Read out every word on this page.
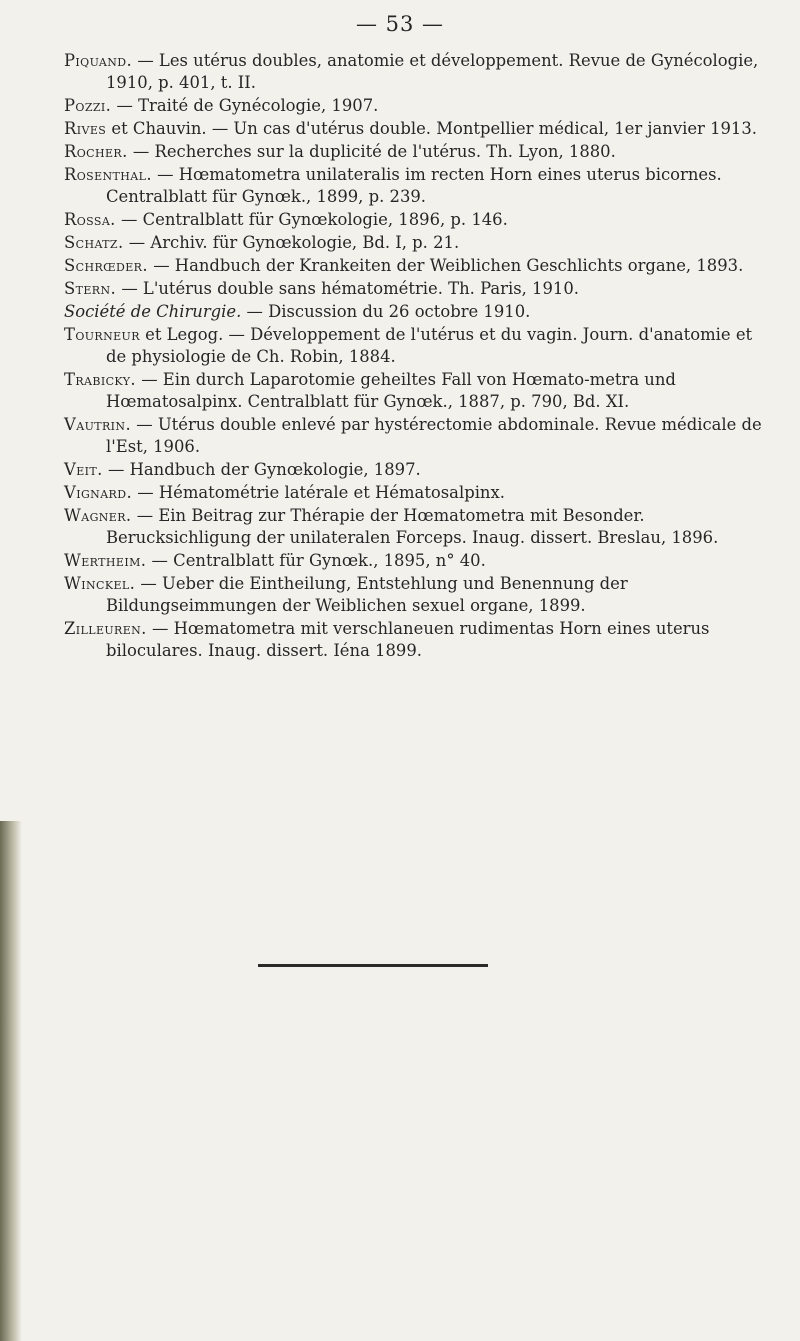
— 53 —

Piquand. — Les utérus doubles, anatomie et développement. Revue de Gynécologie, 1910, p. 401, t. II.

Pozzi. — Traité de Gynécologie, 1907.

Rives et Chauvin. — Un cas d'utérus double. Montpellier médical, 1er janvier 1913.

Rocher. — Recherches sur la duplicité de l'utérus. Th. Lyon, 1880.

Rosenthal. — Hœmatometra unilateralis im recten Horn eines uterus bicornes. Centralblatt für Gynœk., 1899, p. 239.

Rossa. — Centralblatt für Gynœkologie, 1896, p. 146.

Schatz. — Archiv. für Gynœkologie, Bd. I, p. 21.

Schrœder. — Handbuch der Krankeiten der Weiblichen Geschlichts organe, 1893.

Stern. — L'utérus double sans hématométrie. Th. Paris, 1910.

Société de Chirurgie. — Discussion du 26 octobre 1910.

Tourneur et Legog. — Développement de l'utérus et du vagin. Journ. d'anatomie et de physiologie de Ch. Robin, 1884.

Trabicky. — Ein durch Laparotomie geheiltes Fall von Hœmato-metra und Hœmatosalpinx. Centralblatt für Gynœk., 1887, p. 790, Bd. XI.

Vautrin. — Utérus double enlevé par hystérectomie abdominale. Revue médicale de l'Est, 1906.

Veit. — Handbuch der Gynœkologie, 1897.

Vignard. — Hématométrie latérale et Hématosalpinx.

Wagner. — Ein Beitrag zur Thérapie der Hœmatometra mit Besonder. Berucksichligung der unilateralen Forceps. Inaug. dissert. Breslau, 1896.

Wertheim. — Centralblatt für Gynœk., 1895, n° 40.

Winckel. — Ueber die Eintheilung, Entstehlung und Benennung der Bildungseimmungen der Weiblichen sexuel organe, 1899.

Zilleuren. — Hœmatometra mit verschlaneuen rudimentas Horn eines uterus biloculares. Inaug. dissert. Iéna 1899.
